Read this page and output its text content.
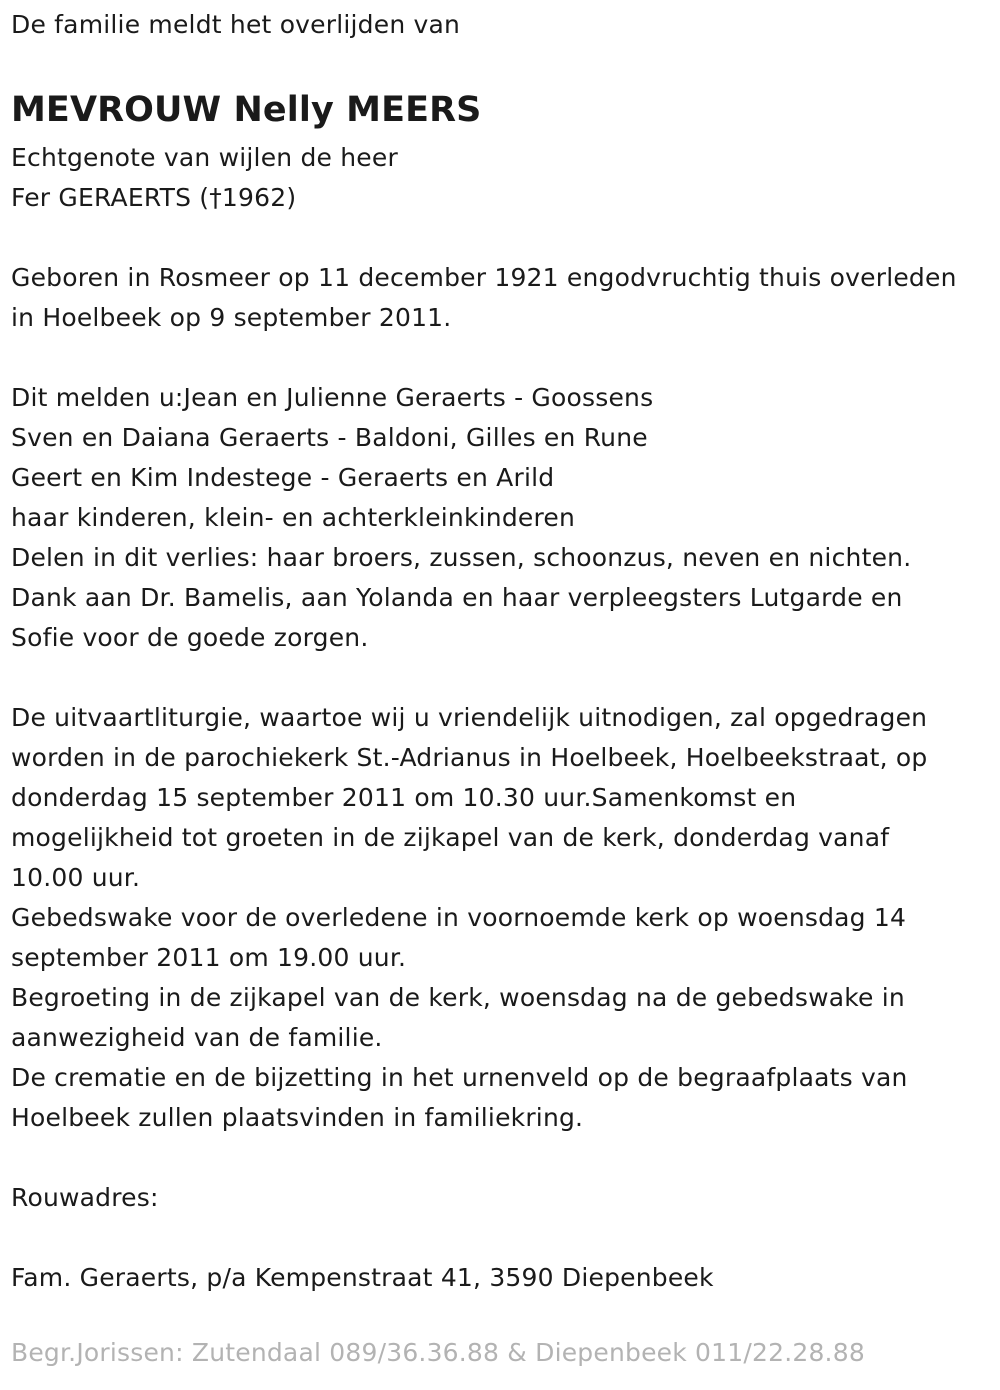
De familie meldt het overlijden van
MEVROUW Nelly MEERS
Echtgenote van wijlen de heer
Fer GERAERTS (†1962)
Geboren in Rosmeer op 11 december 1921 engodvruchtig thuis overleden
in Hoelbeek op 9 september 2011.
Dit melden u:Jean en Julienne Geraerts - Goossens
Sven en Daiana Geraerts - Baldoni, Gilles en Rune
Geert en Kim Indestege - Geraerts en Arild
haar kinderen, klein- en achterkleinkinderen
Delen in dit verlies: haar broers, zussen, schoonzus, neven en nichten.
Dank aan Dr. Bamelis, aan Yolanda en haar verpleegsters Lutgarde en
Sofie voor de goede zorgen.
De uitvaartliturgie, waartoe wij u vriendelijk uitnodigen, zal opgedragen
worden in de parochiekerk St.-Adrianus in Hoelbeek, Hoelbeekstraat, op
donderdag 15 september 2011 om 10.30 uur.Samenkomst en
mogelijkheid tot groeten in de zijkapel van de kerk, donderdag vanaf
10.00 uur.
Gebedswake voor de overledene in voornoemde kerk op woensdag 14
september 2011 om 19.00 uur.
Begroeting in de zijkapel van de kerk, woensdag na de gebedswake in
aanwezigheid van de familie.
De crematie en de bijzetting in het urnenveld op de begraafplaats van
Hoelbeek zullen plaatsvinden in familiekring.
Rouwadres:
Fam. Geraerts, p/a Kempenstraat 41, 3590 Diepenbeek
Begr.Jorissen: Zutendaal 089/36.36.88 & Diepenbeek 011/22.28.88
